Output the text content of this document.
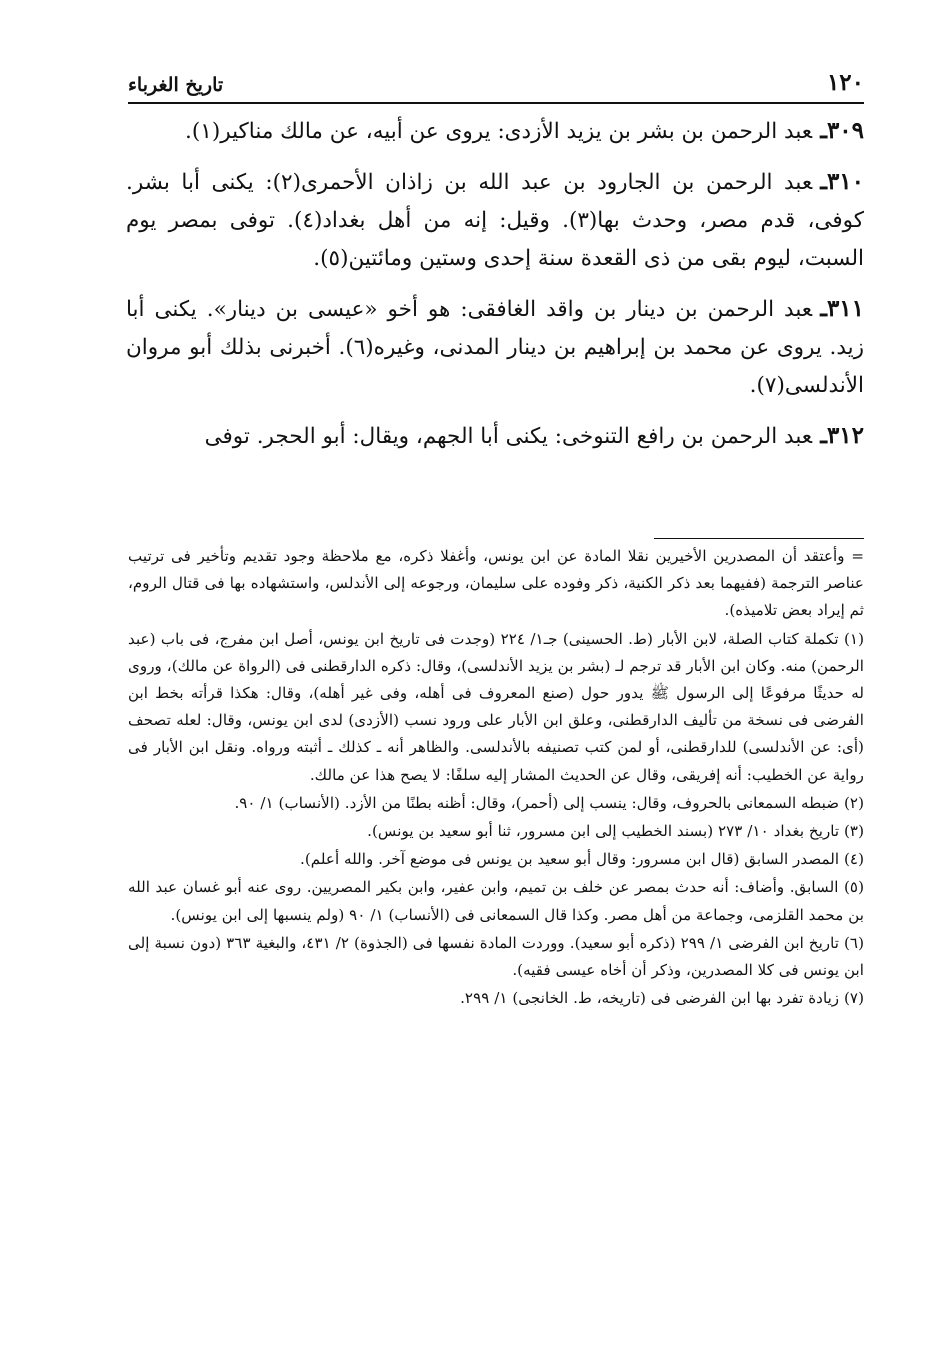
١٢٠
تاريخ الغرباء

٣٠٩ـعبد الرحمن بن بشر بن يزيد الأزدى: يروى عن أبيه، عن مالك مناكير(١).

٣١٠ـعبد الرحمن بن الجارود بن عبد الله بن زاذان الأحمرى(٢): يكنى أبا بشر. كوفى، قدم مصر، وحدث بها(٣). وقيل: إنه من أهل بغداد(٤). توفى بمصر يوم السبت، ليوم بقى من ذى القعدة سنة إحدى وستين ومائتين(٥).

٣١١ـعبد الرحمن بن دينار بن واقد الغافقى: هو أخو «عيسى بن دينار». يكنى أبا زيد. يروى عن محمد بن إبراهيم بن دينار المدنى، وغيره(٦). أخبرنى بذلك أبو مروان الأندلسى(٧).

٣١٢ـعبد الرحمن بن رافع التنوخى: يكنى أبا الجهم، ويقال: أبو الحجر. توفى

= وأعتقد أن المصدرين الأخيرين نقلا المادة عن ابن يونس، وأغفلا ذكره، مع ملاحظة وجود تقديم وتأخير فى ترتيب عناصر الترجمة (ففيهما بعد ذكر الكنية، ذكر وفوده على سليمان، ورجوعه إلى الأندلس، واستشهاده بها فى قتال الروم، ثم إيراد بعض تلاميذه).

(١) تكملة كتاب الصلة، لابن الأبار (ط. الحسينى) جـ١/ ٢٢٤ (وجدت فى تاريخ ابن يونس، أصل ابن مفرج، فى باب (عبد الرحمن) منه. وكان ابن الأبار قد ترجم لـ (بشر بن يزيد الأندلسى)، وقال: ذكره الدارقطنى فى (الرواة عن مالك)، وروى له حديثًا مرفوعًا إلى الرسول ﷺ يدور حول (صنع المعروف فى أهله، وفى غير أهله)، وقال: هكذا قرأته بخط ابن الفرضى فى نسخة من تأليف الدارقطنى، وعلق ابن الأبار على ورود نسب (الأزدى) لدى ابن يونس، وقال: لعله تصحف (أى: عن الأندلسى) للدارقطنى، أو لمن كتب تصنيفه بالأندلسى. والظاهر أنه ـ كذلك ـ أثبته ورواه. ونقل ابن الأبار فى رواية عن الخطيب: أنه إفريقى، وقال عن الحديث المشار إليه سلفًا: لا يصح هذا عن مالك.

(٢) ضبطه السمعانى بالحروف، وقال: ينسب إلى (أحمر)، وقال: أظنه بطنًا من الأزد. (الأنساب) ١/ ٩٠.

(٣) تاريخ بغداد ١٠/ ٢٧٣ (بسند الخطيب إلى ابن مسرور، ثنا أبو سعيد بن يونس).

(٤) المصدر السابق (قال ابن مسرور: وقال أبو سعيد بن يونس فى موضع آخر. والله أعلم).

(٥) السابق. وأضاف: أنه حدث بمصر عن خلف بن تميم، وابن عفير، وابن بكير المصريين. روى عنه أبو غسان عبد الله بن محمد القلزمى، وجماعة من أهل مصر. وكذا قال السمعانى فى (الأنساب) ١/ ٩٠ (ولم ينسبها إلى ابن يونس).

(٦) تاريخ ابن الفرضى ١/ ٢٩٩ (ذكره أبو سعيد). ووردت المادة نفسها فى (الجذوة) ٢/ ٤٣١، والبغية ٣٦٣ (دون نسبة إلى ابن يونس فى كلا المصدرين، وذكر أن أخاه عيسى فقيه).

(٧) زيادة تفرد بها ابن الفرضى فى (تاريخه، ط. الخانجى) ١/ ٢٩٩.
